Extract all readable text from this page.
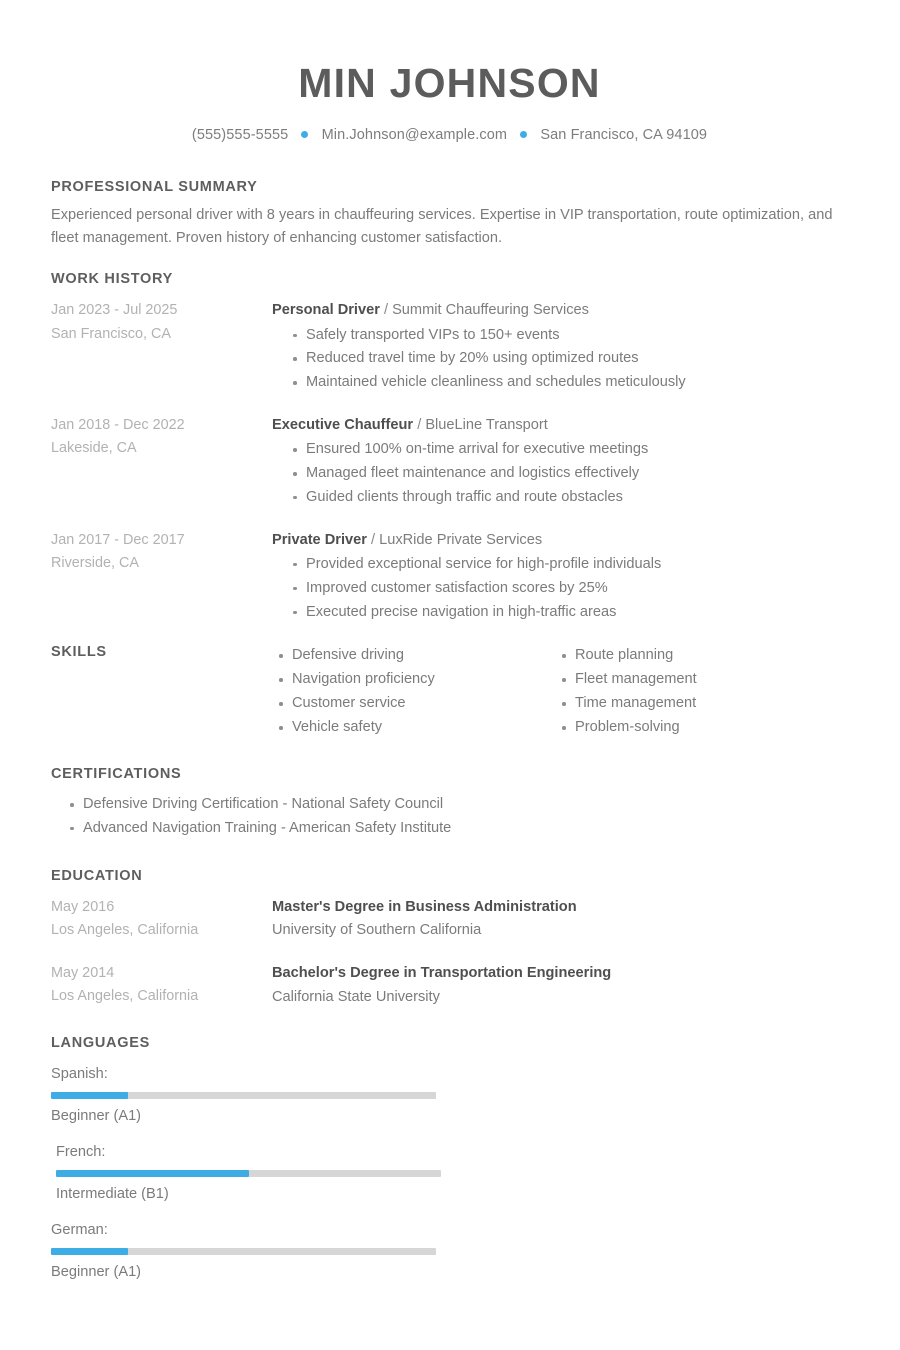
MIN JOHNSON
(555)555-5555 Min.Johnson@example.com San Francisco, CA 94109
PROFESSIONAL SUMMARY

Experienced personal driver with 8 years in chauffeuring services. Expertise in VIP transportation, route optimization, and fleet management. Proven history of enhancing customer satisfaction.

WORK HISTORY
Jan 2023 - Jul 2025
San Francisco, CA
Personal Driver / Summit Chauffeuring Services
Safely transported VIPs to 150+ events
Reduced travel time by 20% using optimized routes
Maintained vehicle cleanliness and schedules meticulously
Jan 2018 - Dec 2022
Lakeside, CA
Executive Chauffeur / BlueLine Transport
Ensured 100% on-time arrival for executive meetings
Managed fleet maintenance and logistics effectively
Guided clients through traffic and route obstacles
Jan 2017 - Dec 2017
Riverside, CA
Private Driver / LuxRide Private Services
Provided exceptional service for high-profile individuals
Improved customer satisfaction scores by 25%
Executed precise navigation in high-traffic areas
SKILLS	Defensive driving
Navigation proficiency
Customer service
Vehicle safety
Route planning
Fleet management
Time management
Problem-solving
CERTIFICATIONS
Defensive Driving Certification - National Safety Council
Advanced Navigation Training - American Safety Institute
EDUCATION
May 2016
Los Angeles, California
Master's Degree in Business Administration
University of Southern California
May 2014
Los Angeles, California
Bachelor's Degree in Transportation Engineering
California State University
LANGUAGES
Spanish:
Beginner (A1)
French:
Intermediate (B1)
German:
Beginner (A1)
